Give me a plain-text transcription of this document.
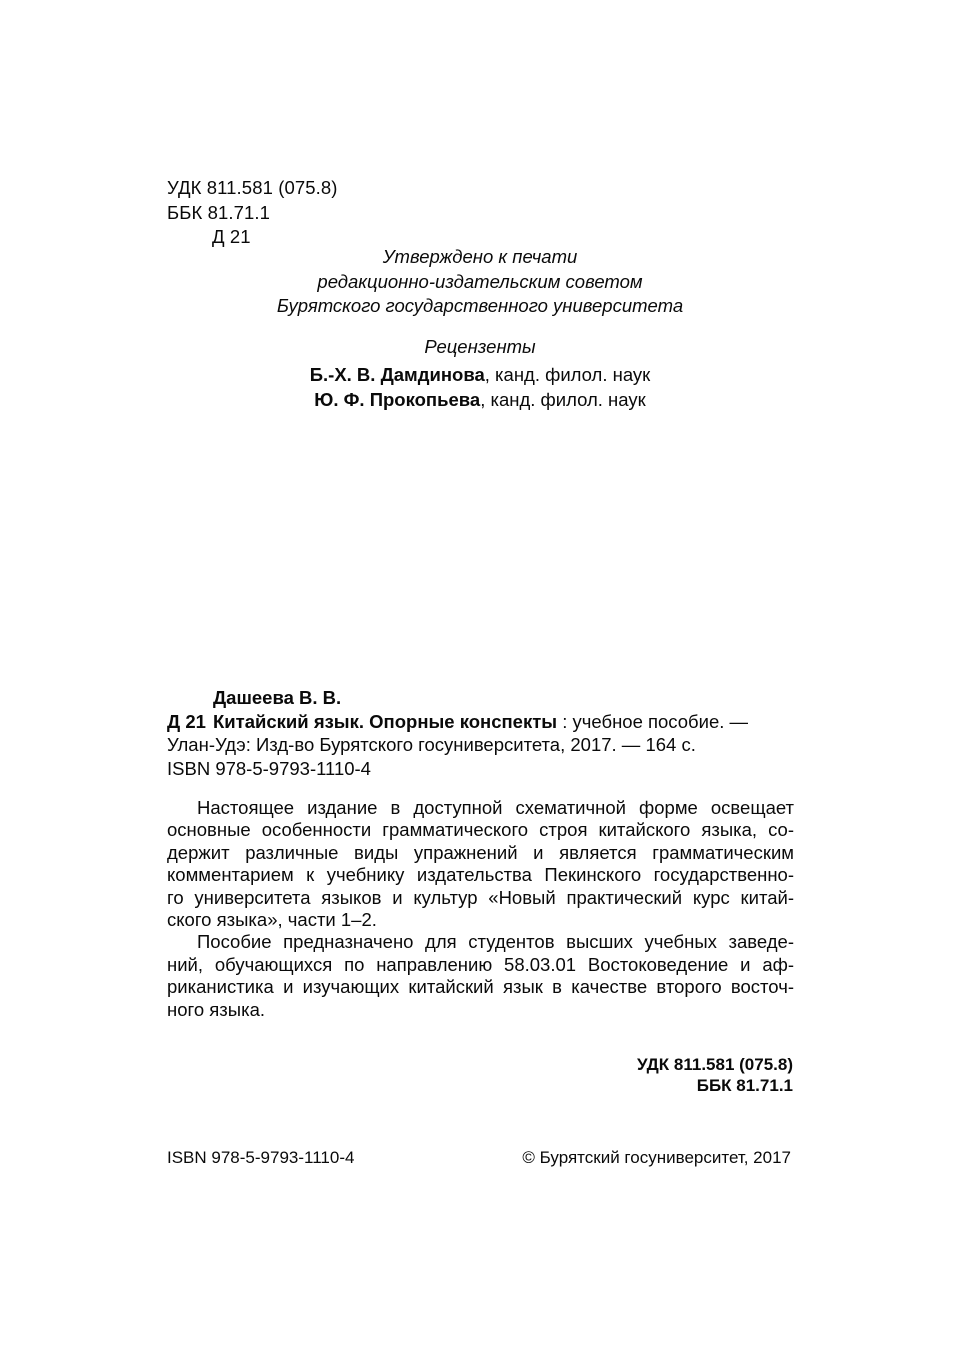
УДК 811.581 (075.8)
ББК 81.71.1
Д 21
Утверждено к печати
редакционно-издательским советом
Бурятского государственного университета
Рецензенты
Б.-Х. В. Дамдинова, канд. филол. наук
Ю. Ф. Прокопьева, канд. филол. наук
Дашеева В. В.
Д 21 Китайский язык. Опорные конспекты : учебное пособие. —
Улан-Удэ: Изд-во Бурятского госуниверситета, 2017. — 164 с.
ISBN 978-5-9793-1110-4

Настоящее издание в доступной схематичной форме освещает
основные особенности грамматического строя китайского языка, со-
держит различные виды упражнений и является грамматическим
комментарием к учебнику издательства Пекинского государственно-
го университета языков и культур «Новый практический курс китай-
ского языка», части 1–2.

Пособие предназначено для студентов высших учебных заведе-
ний, обучающихся по направлению 58.03.01 Востоковедение и аф-
риканистика и изучающих китайский язык в качестве второго восточ-
ного языка.

УДК 811.581 (075.8)
ББК 81.71.1
ISBN 978-5-9793-1110-4	© Бурятский госуниверситет, 2017
